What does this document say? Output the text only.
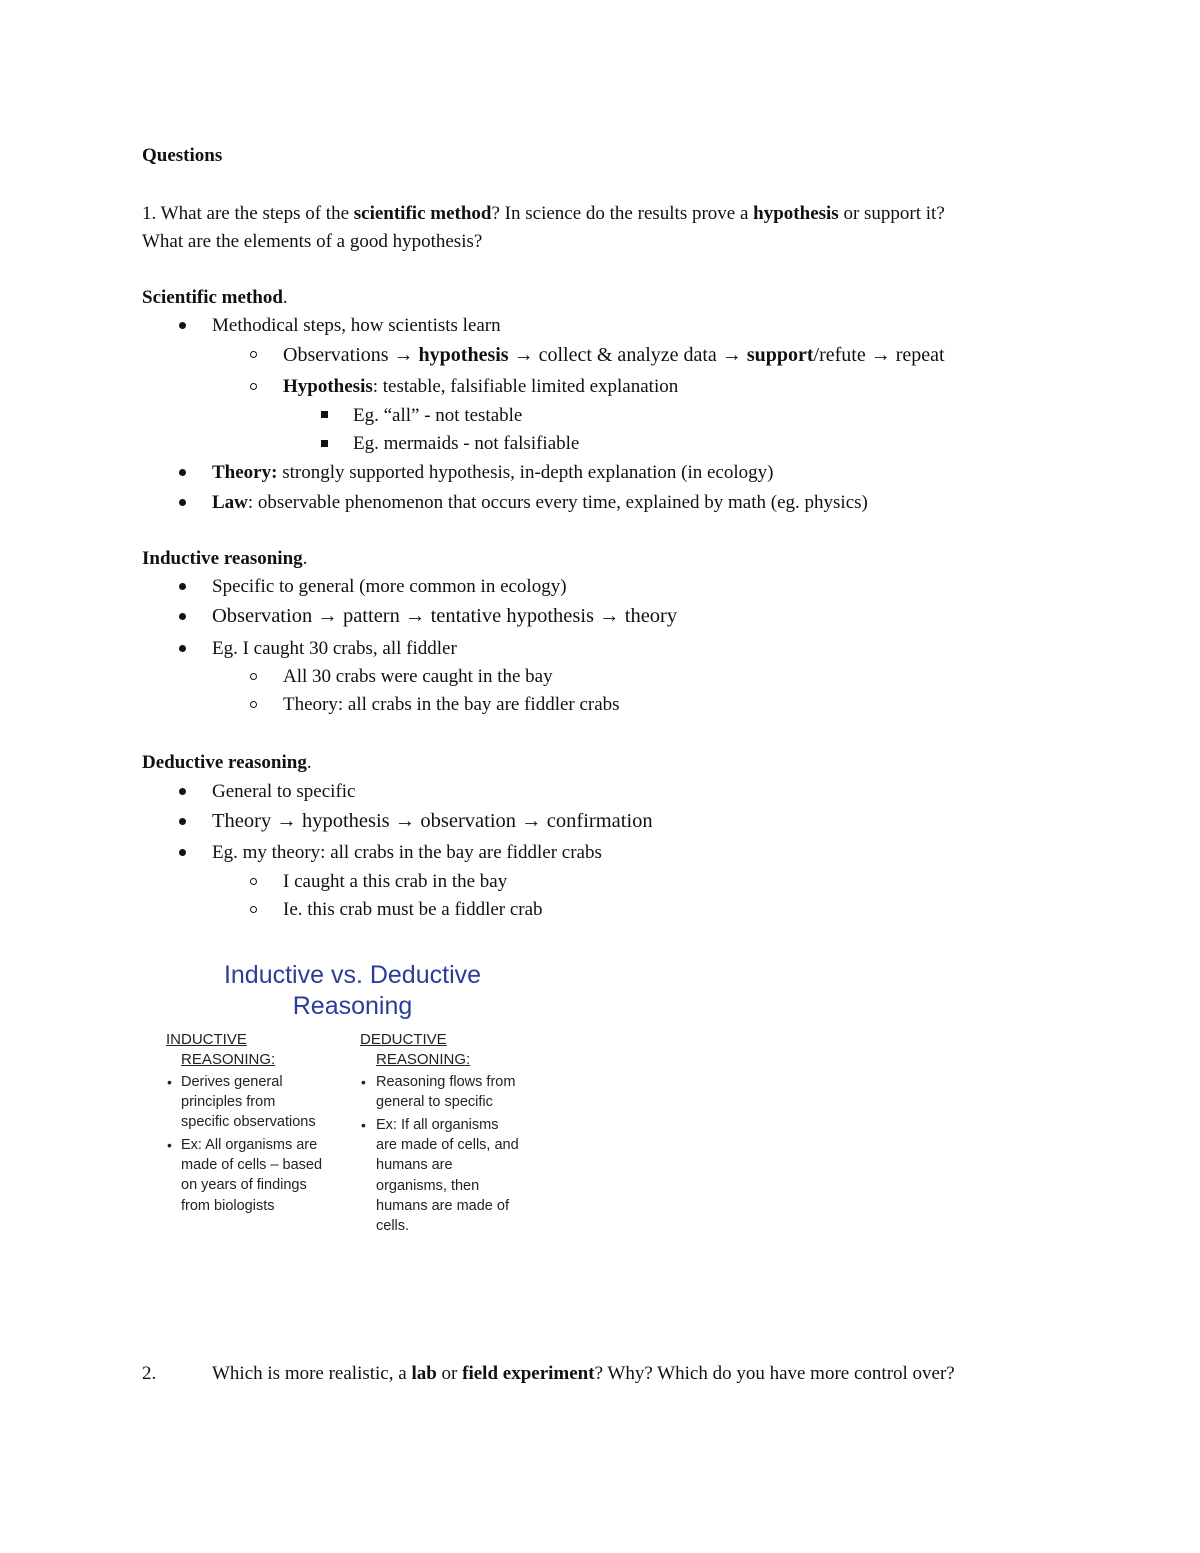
Questions
1. What are the steps of the scientific method? In science do the results prove a hypothesis or support it?
What are the elements of a good hypothesis?
Scientific method.
Methodical steps, how scientists learn
Observations → hypothesis → collect & analyze data → support/refute → repeat
Hypothesis: testable, falsifiable limited explanation
Eg. “all” - not testable
Eg. mermaids - not falsifiable
Theory: strongly supported hypothesis, in-depth explanation (in ecology)
Law: observable phenomenon that occurs every time, explained by math (eg. physics)
Inductive reasoning.
Specific to general (more common in ecology)
Observation → pattern → tentative hypothesis → theory
Eg. I caught 30 crabs, all fiddler
All 30 crabs were caught in the bay
Theory: all crabs in the bay are fiddler crabs
Deductive reasoning.
General to specific
Theory → hypothesis → observation → confirmation
Eg. my theory: all crabs in the bay are fiddler crabs
I caught a this crab in the bay
Ie. this crab must be a fiddler crab
Inductive vs. Deductive
Reasoning
INDUCTIVE
REASONING:
• Derives general
principles from
specific observations
• Ex: All organisms are
made of cells – based
on years of findings
from biologists
DEDUCTIVE
REASONING:
• Reasoning flows from
general to specific
• Ex: If all organisms
are made of cells, and
humans are
organisms, then
humans are made of
cells.
2.	Which is more realistic, a lab or field experiment? Why? Which do you have more control over?
